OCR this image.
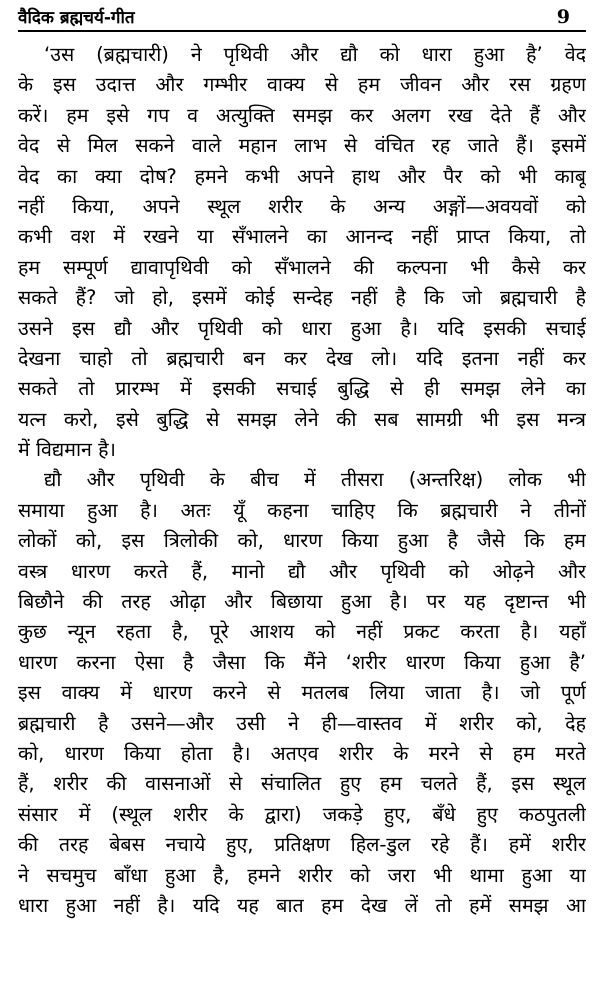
वैदिक ब्रह्मचर्य-गीत	9
‘उस (ब्रह्मचारी) ने पृथिवी और द्यौ को धारा हुआ है’ वेद
के इस उदात्त और गम्भीर वाक्य से हम जीवन और रस ग्रहण
करें। हम इसे गप व अत्युक्ति समझ कर अलग रख देते हैं और
वेद से मिल सकने वाले महान लाभ से वंचित रह जाते हैं। इसमें
वेद का क्या दोष? हमने कभी अपने हाथ और पैर को भी काबू
नहीं किया, अपने स्थूल शरीर के अन्य अङ्गों—अवयवों को
कभी वश में रखने या सँभालने का आनन्द नहीं प्राप्त किया, तो
हम सम्पूर्ण द्यावापृथिवी को सँभालने की कल्पना भी कैसे कर
सकते हैं? जो हो, इसमें कोई सन्देह नहीं है कि जो ब्रह्मचारी है
उसने इस द्यौ और पृथिवी को धारा हुआ है। यदि इसकी सचाई
देखना चाहो तो ब्रह्मचारी बन कर देख लो। यदि इतना नहीं कर
सकते तो प्रारम्भ में इसकी सचाई बुद्धि से ही समझ लेने का
यत्न करो, इसे बुद्धि से समझ लेने की सब सामग्री भी इस मन्त्र
में विद्यमान है।
द्यौ और पृथिवी के बीच में तीसरा (अन्तरिक्ष) लोक भी
समाया हुआ है। अतः यूँ कहना चाहिए कि ब्रह्मचारी ने तीनों
लोकों को, इस त्रिलोकी को, धारण किया हुआ है जैसे कि हम
वस्त्र धारण करते हैं, मानो द्यौ और पृथिवी को ओढ़ने और
बिछौने की तरह ओढ़ा और बिछाया हुआ है। पर यह दृष्टान्त भी
कुछ न्यून रहता है, पूरे आशय को नहीं प्रकट करता है। यहाँ
धारण करना ऐसा है जैसा कि मैंने ‘शरीर धारण किया हुआ है’
इस वाक्य में धारण करने से मतलब लिया जाता है। जो पूर्ण
ब्रह्मचारी है उसने—और उसी ने ही—वास्तव में शरीर को, देह
को, धारण किया होता है। अतएव शरीर के मरने से हम मरते
हैं, शरीर की वासनाओं से संचालित हुए हम चलते हैं, इस स्थूल
संसार में (स्थूल शरीर के द्वारा) जकड़े हुए, बँधे हुए कठपुतली
की तरह बेबस नचाये हुए, प्रतिक्षण हिल-डुल रहे हैं। हमें शरीर
ने सचमुच बाँधा हुआ है, हमने शरीर को जरा भी थामा हुआ या
धारा हुआ नहीं है। यदि यह बात हम देख लें तो हमें समझ आ
